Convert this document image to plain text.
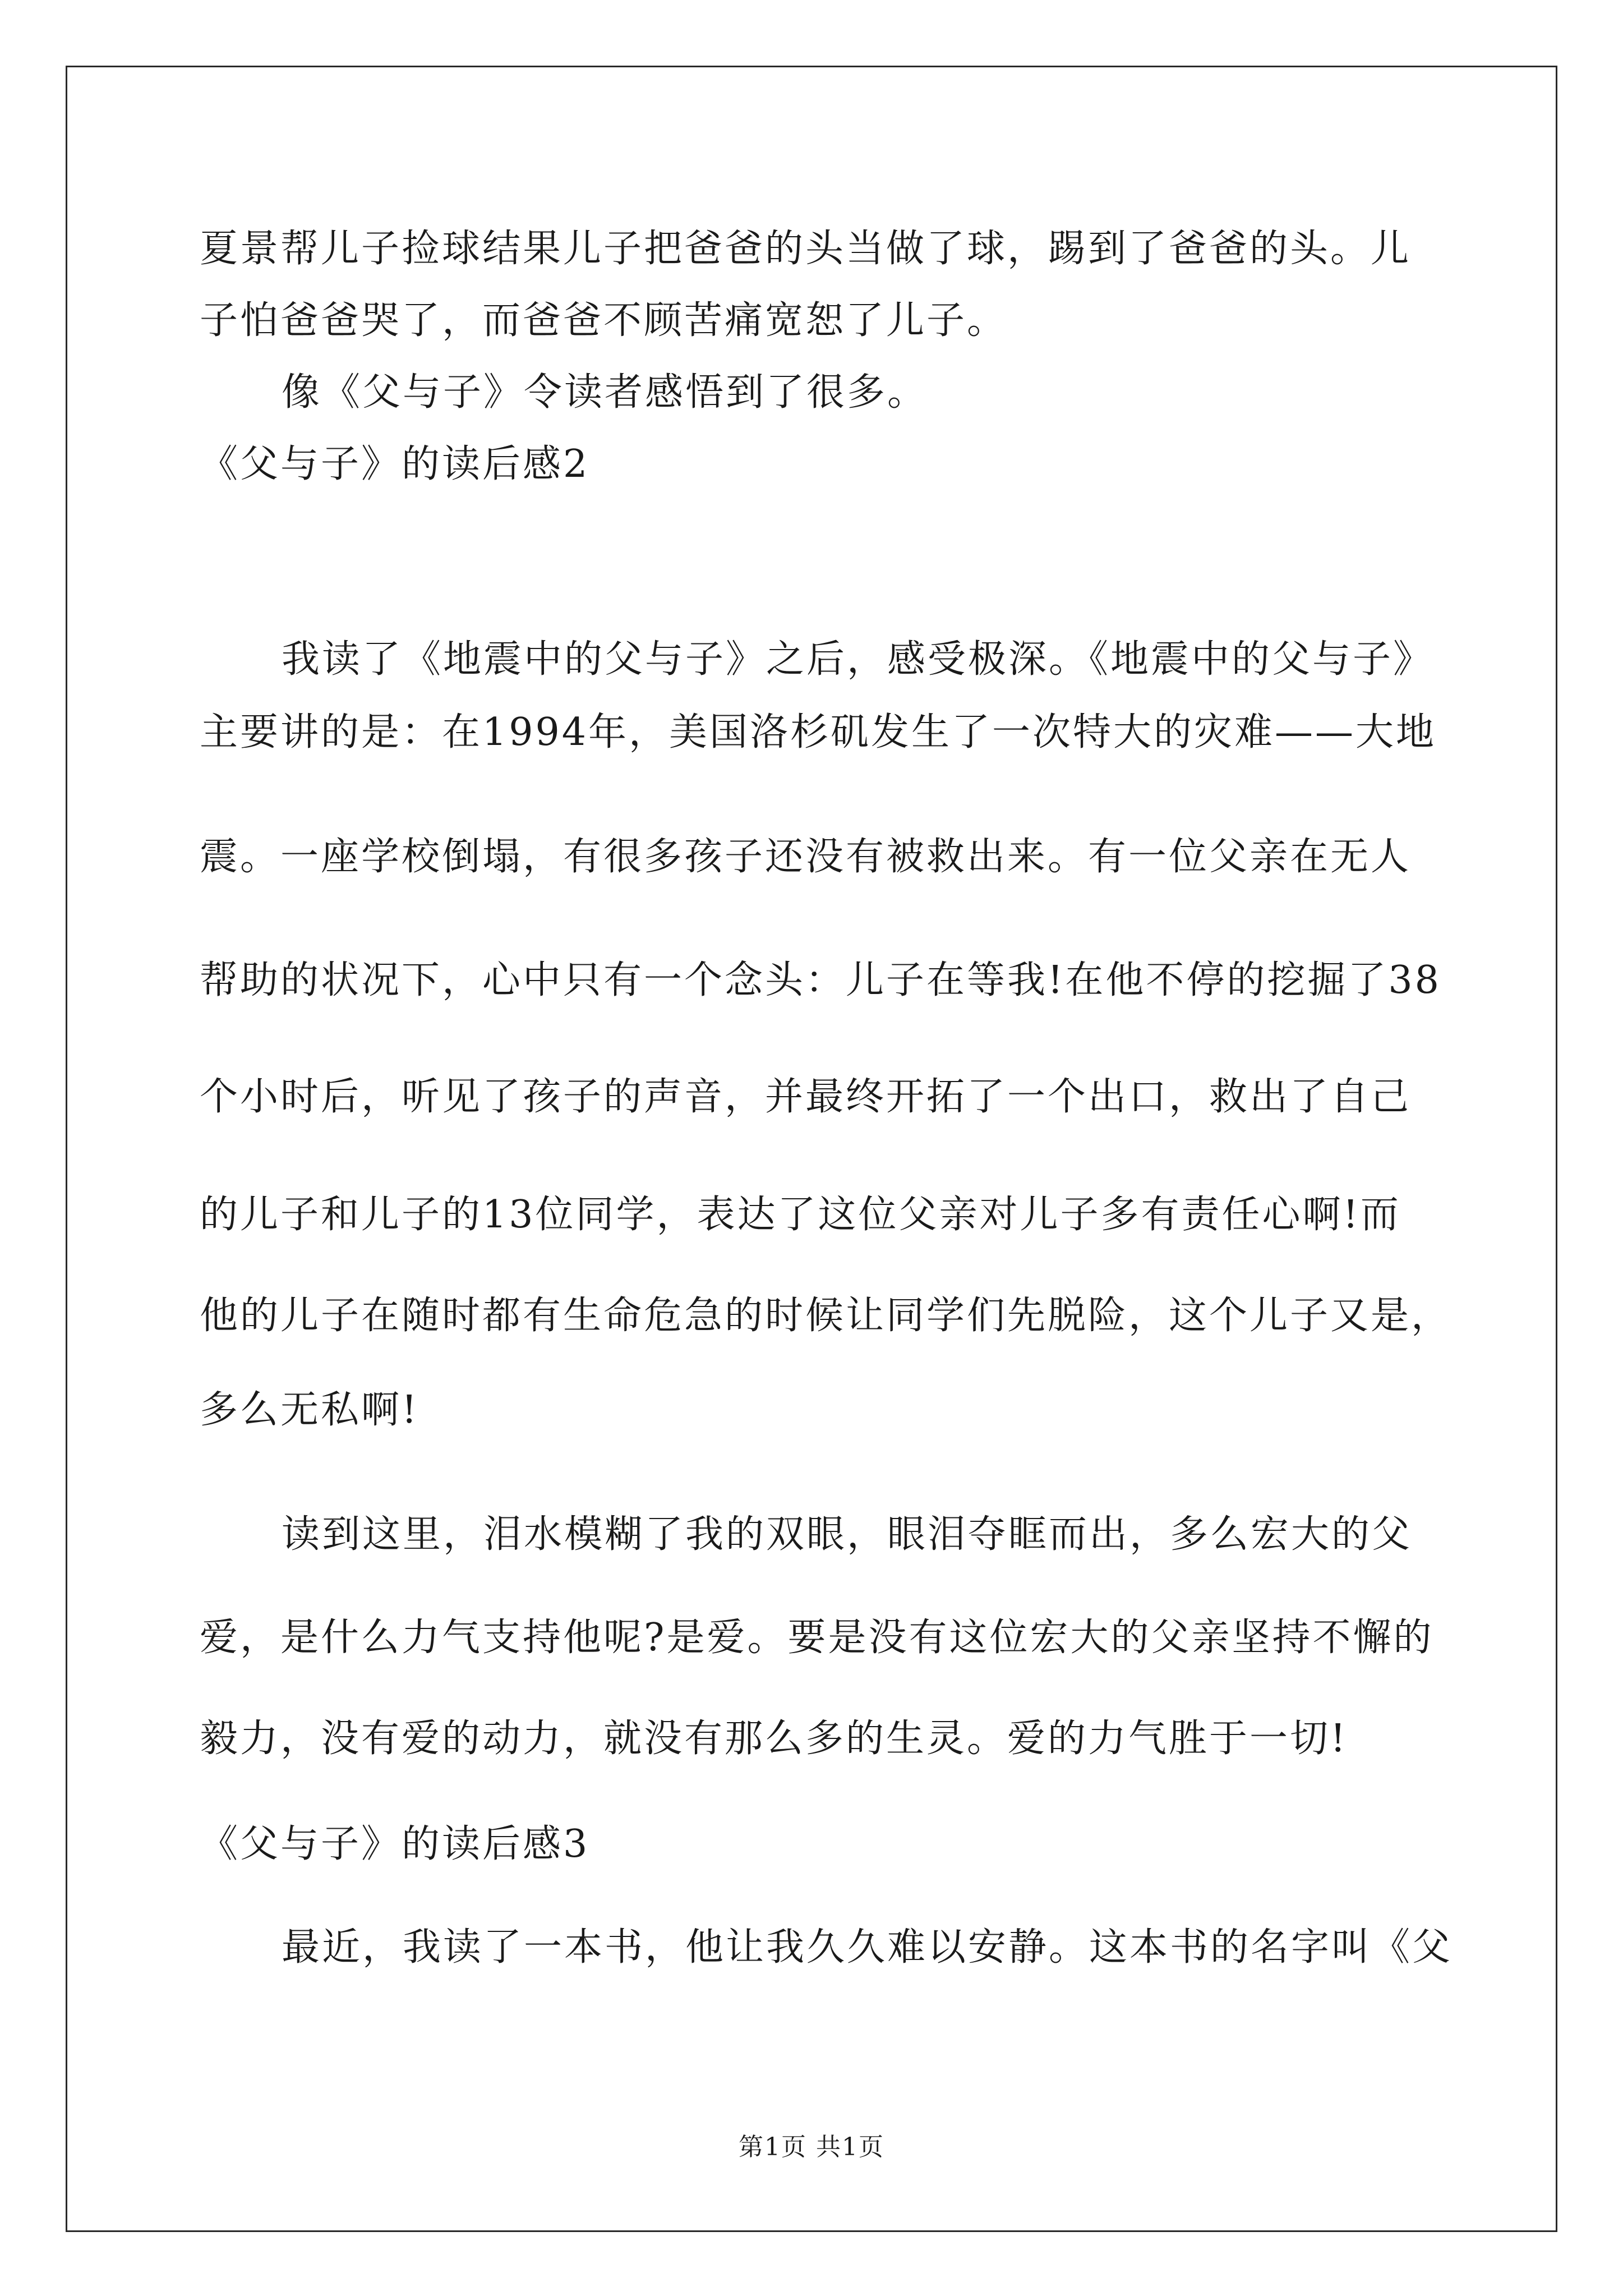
夏景帮儿子捡球结果儿子把爸爸的头当做了球，踢到了爸爸的头。儿
子怕爸爸哭了，而爸爸不顾苦痛宽恕了儿子。
像《父与子》令读者感悟到了很多。
《父与子》的读后感2
我读了《地震中的父与子》之后，感受极深。《地震中的父与子》
主要讲的是：在1994年，美国洛杉矶发生了一次特大的灾难——大地
震。一座学校倒塌，有很多孩子还没有被救出来。有一位父亲在无人
帮助的状况下，心中只有一个念头：儿子在等我!在他不停的挖掘了38
个小时后，听见了孩子的声音，并最终开拓了一个出口，救出了自己
的儿子和儿子的13位同学，表达了这位父亲对儿子多有责任心啊!而
他的儿子在随时都有生命危急的时候让同学们先脱险，这个儿子又是，
多么无私啊!
读到这里，泪水模糊了我的双眼，眼泪夺眶而出，多么宏大的父
爱，是什么力气支持他呢?是爱。要是没有这位宏大的父亲坚持不懈的
毅力，没有爱的动力，就没有那么多的生灵。爱的力气胜于一切!
《父与子》的读后感3
最近，我读了一本书，他让我久久难以安静。这本书的名字叫《父
第1页 共1页
